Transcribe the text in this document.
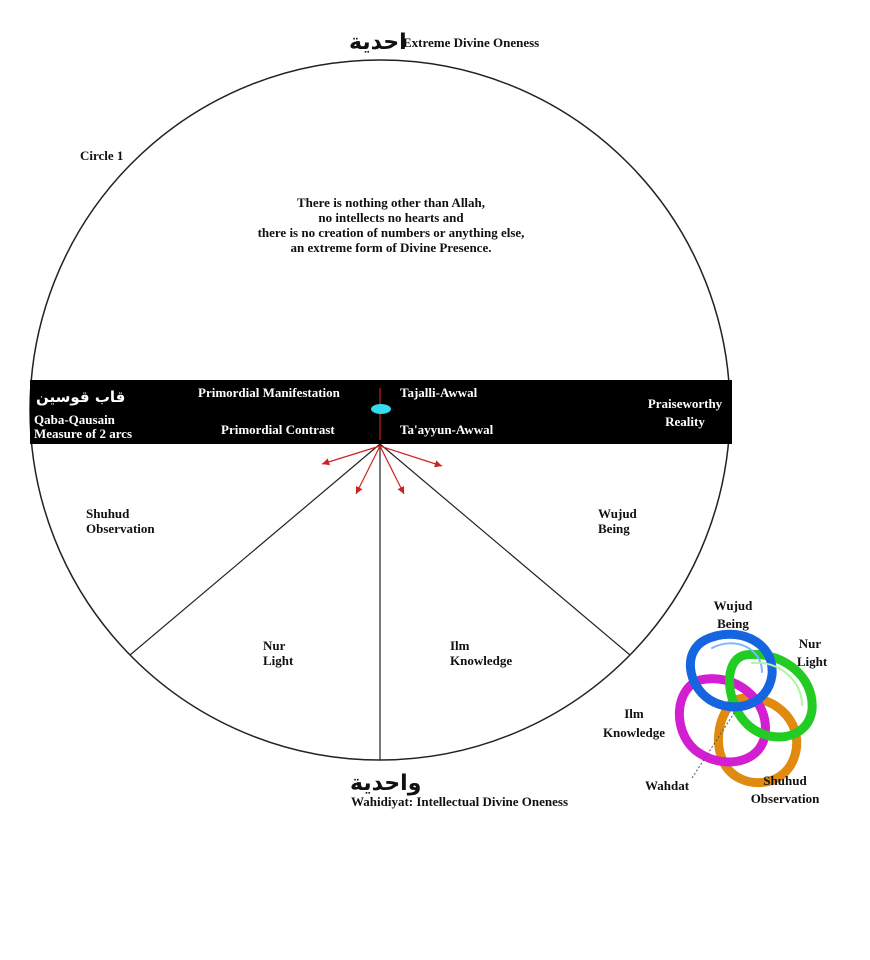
احدية
Extreme Divine Oneness
Circle 1
There is nothing other than Allah,
no intellects no hearts and
there is no creation of numbers or anything else,
an extreme form of Divine Presence.
قاب قوسين
Qaba-Qausain
Measure of 2 arcs
Primordial Manifestation	Tajalli-Awwal
Primordial Contrast	Ta'ayyun-Awwal
Praiseworthy
Reality
Shuhud
Observation
Wujud
Being
Nur
Light
Ilm
Knowledge
واحدية
Wahidiyat: Intellectual Divine Oneness
Wujud
Being
Nur
Light
Ilm
Knowledge
Wahdat	Shuhud
Observation
